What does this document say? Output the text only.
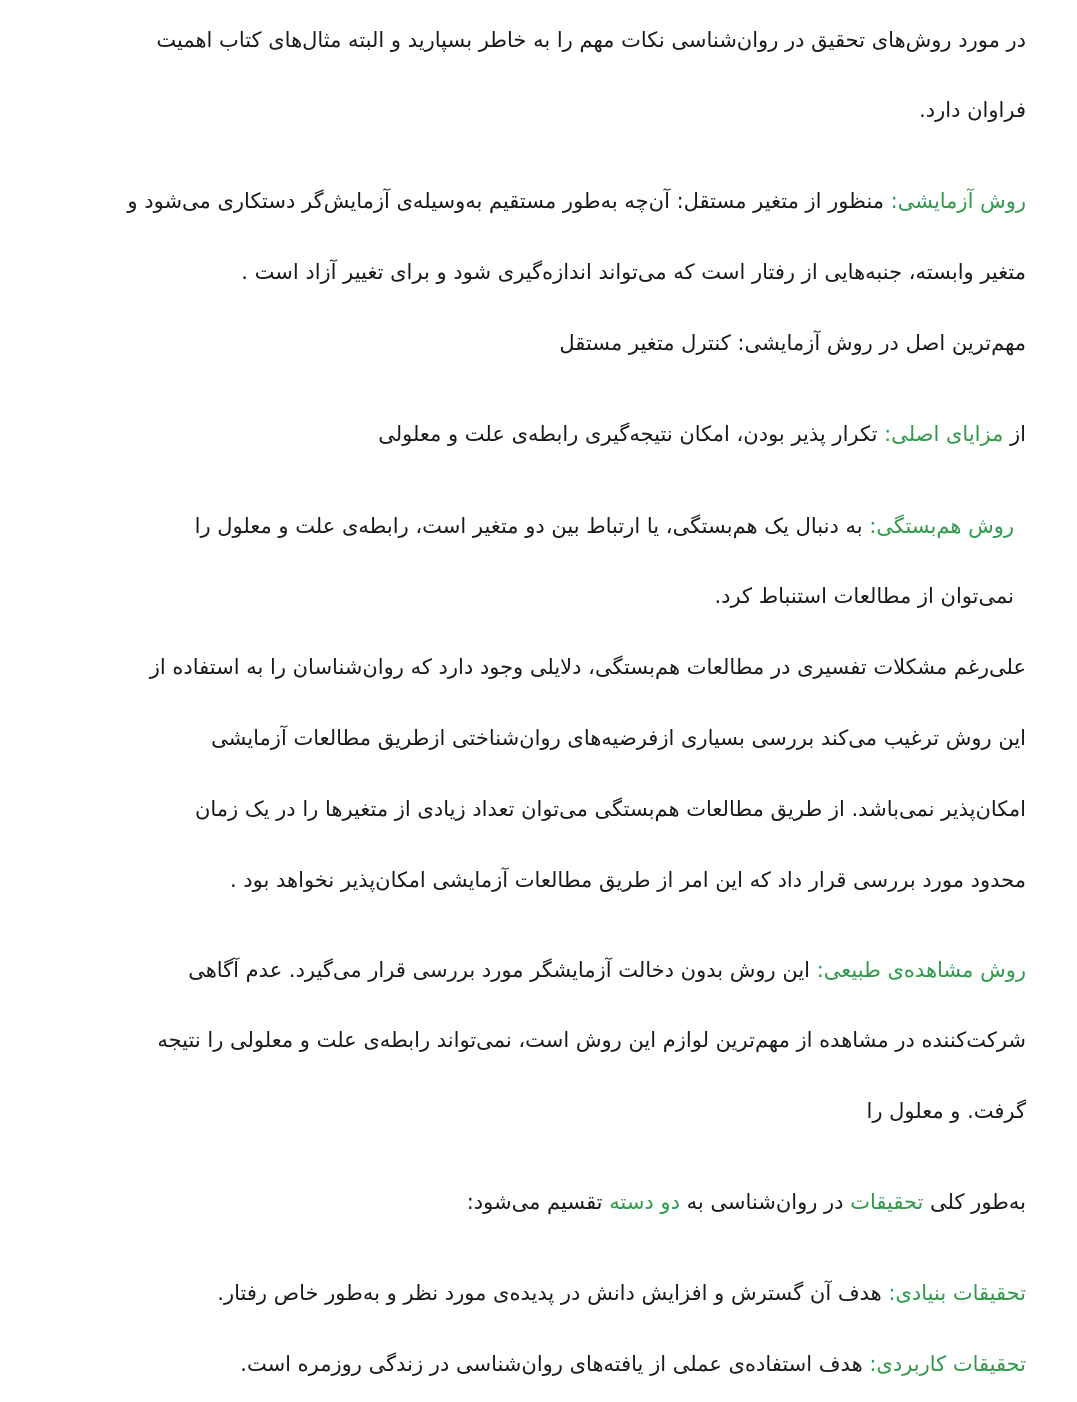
در مورد روش‌های تحقیق در روان‌شناسی نکات مهم را به خاطر بسپارید و البته مثال‌های کتاب اهمیت
فراوان دارد.
روش آزمایشی: منظور از متغیر مستقل: آن‌چه به‌طور مستقیم به‌وسیله‌ی آزمایش‌گر دستکاری می‌شود و
متغیر وابسته، جنبه‌هایی از رفتار است که می‌تواند اندازه‌گیری شود و برای تغییر آزاد است .
مهم‌ترین اصل در روش آزمایشی: کنترل متغیر مستقل
از مزایای اصلی: تکرار پذیر بودن، امکان نتیجه‌گیری رابطه‌ی علت و معلولی
روش هم‌بستگی: به دنبال یک هم‌بستگی، یا ارتباط بین دو متغیر است، رابطه‌ی علت و معلول را
نمی‌توان از مطالعات استنباط کرد.
علی‌رغم مشکلات تفسیری در مطالعات هم‌بستگی، دلایلی وجود دارد که روان‌شناسان را به استفاده از
این روش ترغیب می‌کند بررسی بسیاری ازفرضیه‌های روان‌شناختی ازطریق مطالعات آزمایشی
امکان‌پذیر نمی‌باشد. از طریق مطالعات هم‌بستگی می‌توان تعداد زیادی از متغیرها را در یک زمان
محدود مورد بررسی قرار داد که این امر از طریق مطالعات آزمایشی امکان‌پذیر نخواهد بود .
روش مشاهده‌ی طبیعی: این روش بدون دخالت آزمایشگر مورد بررسی قرار می‌گیرد. عدم آگاهی
شرکت‌کننده در مشاهده از مهم‌ترین لوازم این روش است، نمی‌تواند رابطه‌ی علت و معلولی را نتیجه
گرفت. و معلول را
به‌طور کلی تحقیقات در روان‌شناسی به دو دسته تقسیم می‌شود:
تحقیقات بنیادی: هدف آن گسترش و افزایش دانش در پدیده‌ی مورد نظر و به‌طور خاص رفتار.
تحقیقات کاربردی: هدف استفاده‌ی عملی از یافته‌های روان‌شناسی در زندگی روزمره است.
